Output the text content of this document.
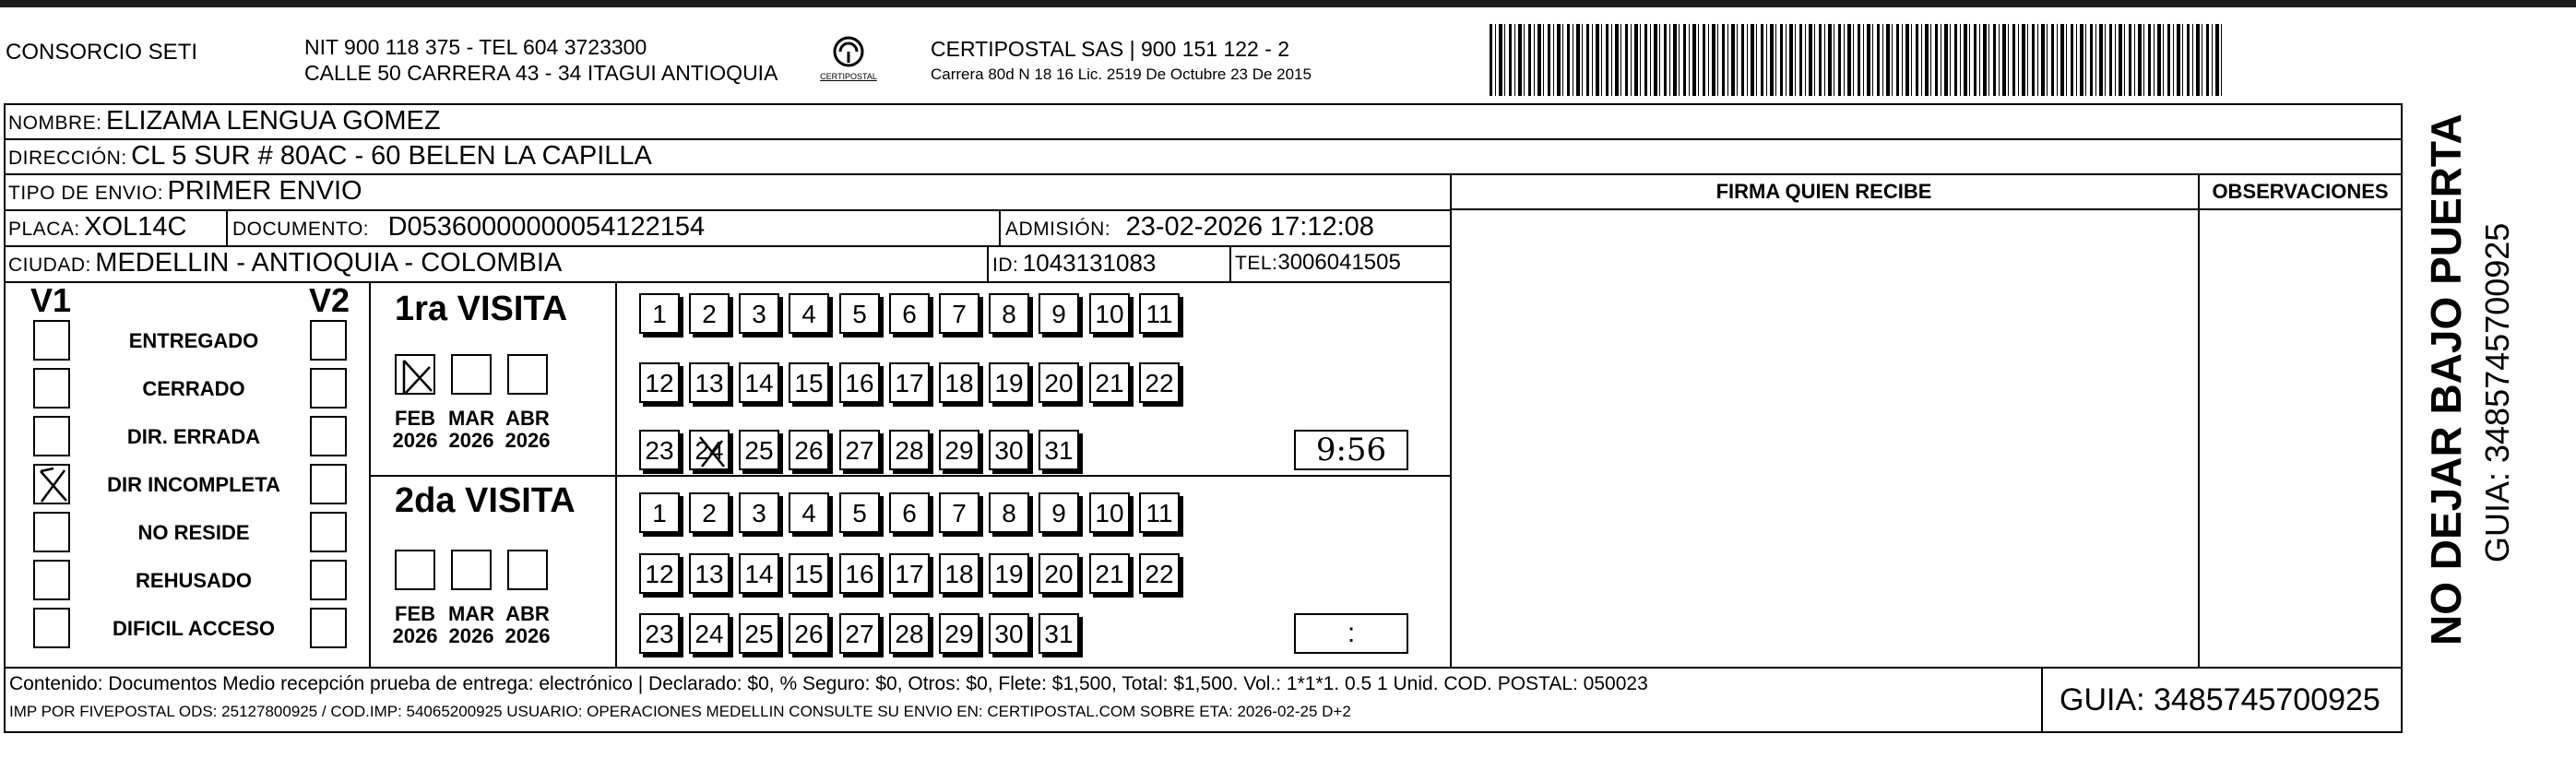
CONSORCIO SETI	NIT 900 118 375 - TEL 604 3723300
CALLE 50 CARRERA 43 - 34 ITAGUI ANTIOQUIA	CERTIPOSTAL
CERTIPOSTAL SAS | 900 151 122 - 2
Carrera 80d N 18 16 Lic. 2519 De Octubre 23 De 2015
NOMBRE: ELIZAMA LENGUA GOMEZ
DIRECCIÓN: CL 5 SUR # 80AC - 60 BELEN LA CAPILLA
TIPO DE ENVIO: PRIMER ENVIO
PLACA: XOL14C DOCUMENTO: D05360000000054122154	ADMISIÓN: 23-02-2026 17:12:08
CIUDAD: MEDELLIN - ANTIOQUIA - COLOMBIA	ID: 1043131083	TEL:3006041505
FIRMA QUIEN RECIBE	OBSERVACIONES
V1	V2
ENTREGADO
CERRADO
DIR. ERRADA
DIR INCOMPLETA
NO RESIDE
REHUSADO
DIFICIL ACCESO
1ra VISITA
2da VISITA
FEB
2026
MAR
2026
ABR
2026
FEB
2026
MAR
2026
ABR
2026
1	2	3	4	5	6	7	8	9	10 11
12 13 14 15 16 17 18 19 20 21 22
23 24 25 26 27 28 29 30 31	9:56
1	2	3	4	5	6	7	8	9	10 11
12 13 14 15 16 17 18 19 20 21 22
23 24 25 26 27 28 29 30 31	:
Contenido: Documentos Medio recepción prueba de entrega: electrónico | Declarado: $0, % Seguro: $0, Otros: $0, Flete: $1,500, Total: $1,500. Vol.: 1*1*1. 0.5 1 Unid. COD. POSTAL: 050023
IMP POR FIVEPOSTAL ODS: 25127800925 / COD.IMP: 54065200925 USUARIO: OPERACIONES MEDELLIN CONSULTE SU ENVIO EN: CERTIPOSTAL.COM SOBRE ETA: 2026-02-25 D+2	GUIA: 3485745700925
NO DEJAR BAJO PUERTA GUIA: 3485745700925
